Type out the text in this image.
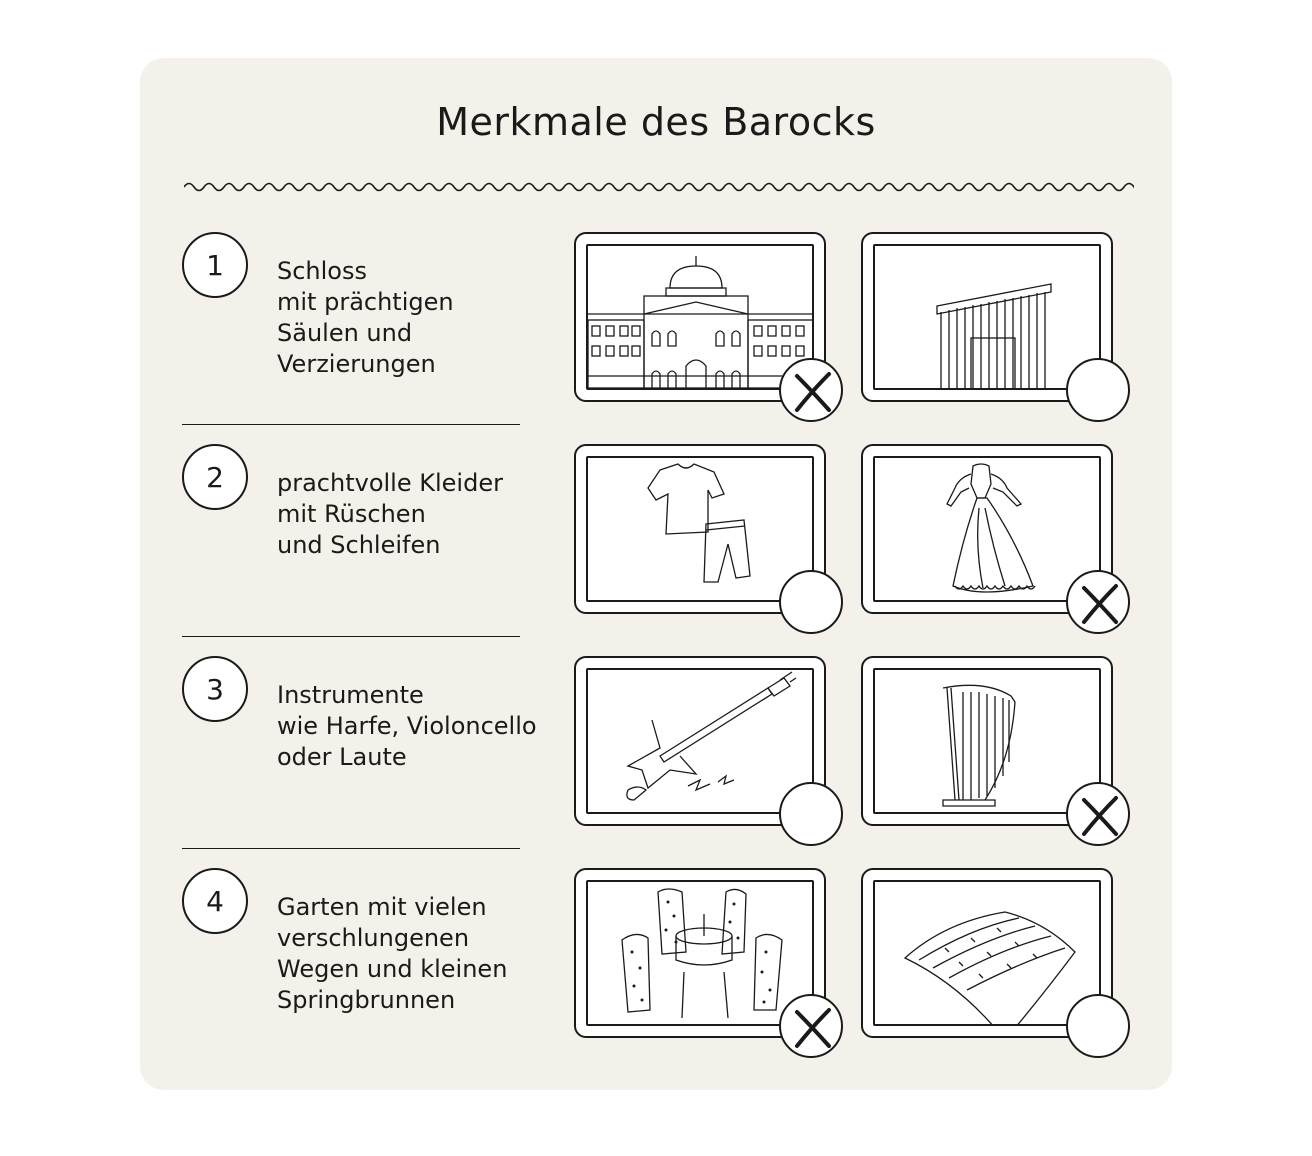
Merkmale des Barocks
1	Schloss
mit prächtigen
Säulen und
Verzierungen
2	prachtvolle Kleider
mit Rüschen
und Schleifen
3	Instrumente
wie Harfe, Violoncello
oder Laute
4	Garten mit vielen
verschlungenen
Wegen und kleinen
Springbrunnen
